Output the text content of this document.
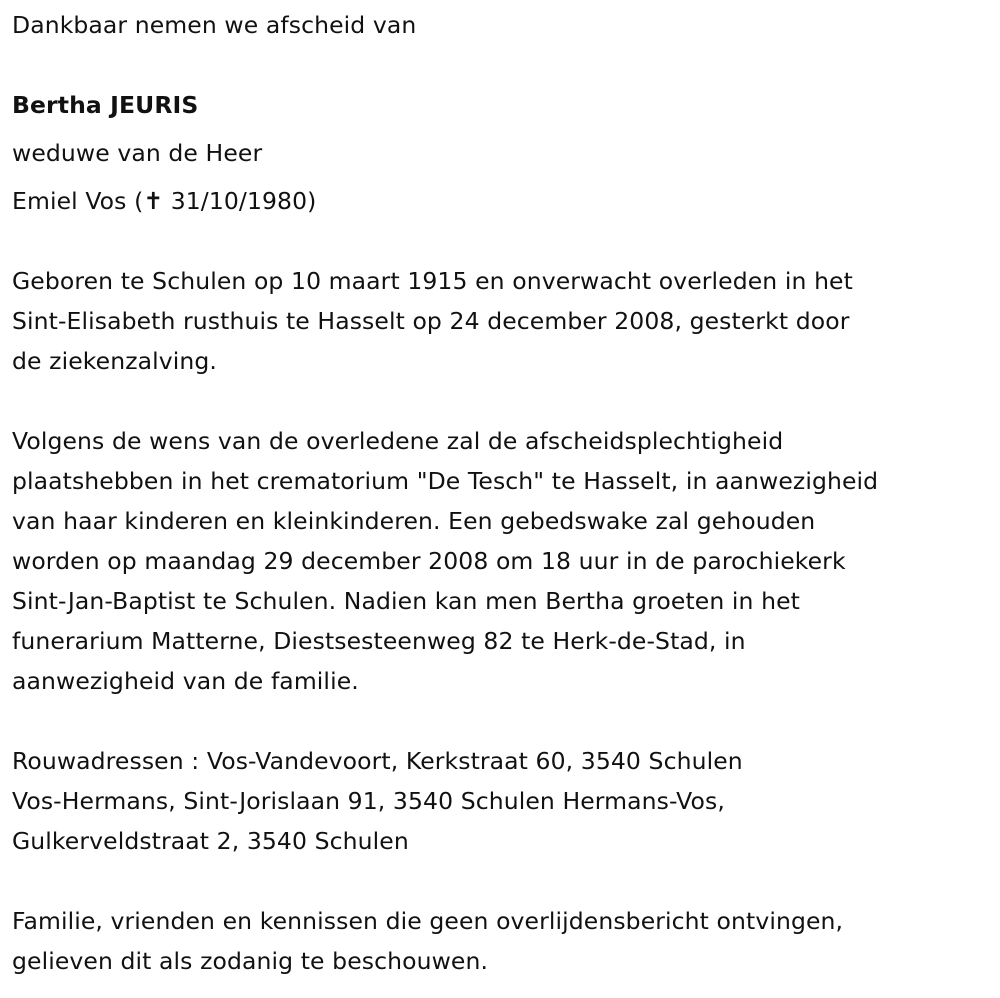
Dankbaar nemen we afscheid van
Bertha JEURIS
weduwe van de Heer
Emiel Vos (✝ 31/10/1980)
Geboren te Schulen op 10 maart 1915 en onverwacht overleden in het
Sint-Elisabeth rusthuis te Hasselt op 24 december 2008, gesterkt door
de ziekenzalving.
Volgens de wens van de overledene zal de afscheidsplechtigheid
plaatshebben in het crematorium "De Tesch" te Hasselt, in aanwezigheid
van haar kinderen en kleinkinderen. Een gebedswake zal gehouden
worden op maandag 29 december 2008 om 18 uur in de parochiekerk
Sint-Jan-Baptist te Schulen. Nadien kan men Bertha groeten in het
funerarium Matterne, Diestsesteenweg 82 te Herk-de-Stad, in
aanwezigheid van de familie.
Rouwadressen : Vos-Vandevoort, Kerkstraat 60, 3540 Schulen
Vos-Hermans, Sint-Jorislaan 91, 3540 Schulen Hermans-Vos,
Gulkerveldstraat 2, 3540 Schulen
Familie, vrienden en kennissen die geen overlijdensbericht ontvingen,
gelieven dit als zodanig te beschouwen.
